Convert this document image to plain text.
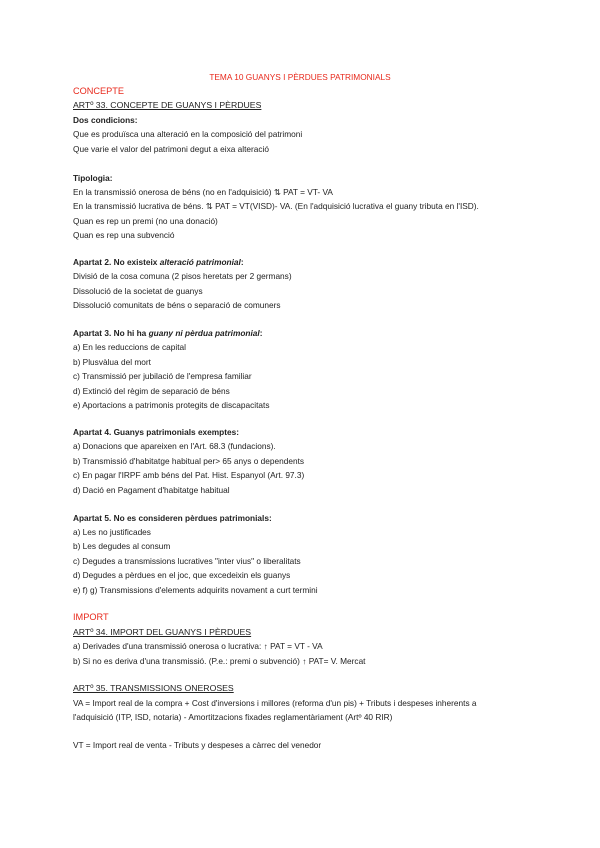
TEMA 10 GUANYS I PÈRDUES PATRIMONIALS
CONCEPTE
ARTº 33. CONCEPTE DE GUANYS I PÈRDUES
Dos condicions:
Que es produïsca una alteració en la composició del patrimoni
Que varie el valor del patrimoni degut a eixa alteració
Tipologia:
En la transmissió onerosa de béns (no en l'adquisició) ⇅ PAT = VT- VA
En la transmissió lucrativa de béns. ⇅ PAT = VT(VISD)- VA. (En l'adquisició lucrativa el guany tributa en l'ISD).
Quan es rep un premi (no una donació)
Quan es rep una subvenció
Apartat 2. No existeix alteració patrimonial:
Divisió de la cosa comuna (2 pisos heretats per 2 germans)
Dissolució de la societat de guanys
Dissolució comunitats de béns o separació de comuners
Apartat 3. No hi ha guany ni pèrdua patrimonial:
a) En les reduccions de capital
b) Plusvàlua del mort
c) Transmissió per jubilació de l'empresa familiar
d) Extinció del règim de separació de béns
e) Aportacions a patrimonis protegits de discapacitats
Apartat 4. Guanys patrimonials exemptes:
a) Donacions que apareixen en l'Art. 68.3 (fundacions).
b) Transmissió d'habitatge habitual per> 65 anys o dependents
c) En pagar l'IRPF amb béns del Pat. Hist. Espanyol (Art. 97.3)
d) Dació en Pagament d'habitatge habitual
Apartat 5. No es consideren pèrdues patrimonials:
a) Les no justificades
b) Les degudes al consum
c) Degudes a transmissions lucratives "inter vius" o liberalitats
d) Degudes a pèrdues en el joc, que excedeixin els guanys
e) f) g) Transmissions d'elements adquirits novament a curt termini
IMPORT
ARTº 34. IMPORT DEL GUANYS I PÈRDUES
a) Derivades d'una transmissió onerosa o lucrativa: ↑ PAT = VT - VA
b) Si no es deriva d'una transmissió. (P.e.: premi o subvenció) ↑ PAT= V. Mercat
ARTº 35. TRANSMISSIONS ONEROSES
VA = Import real de la compra + Cost d'inversions i millores (reforma d'un pis) + Tributs i despeses inherents a
l'adquisició (ITP, ISD, notaria) - Amortitzacions fixades reglamentàriament (Artº 40 RIR)
VT = Import real de venta - Tributs y despeses a càrrec del venedor
